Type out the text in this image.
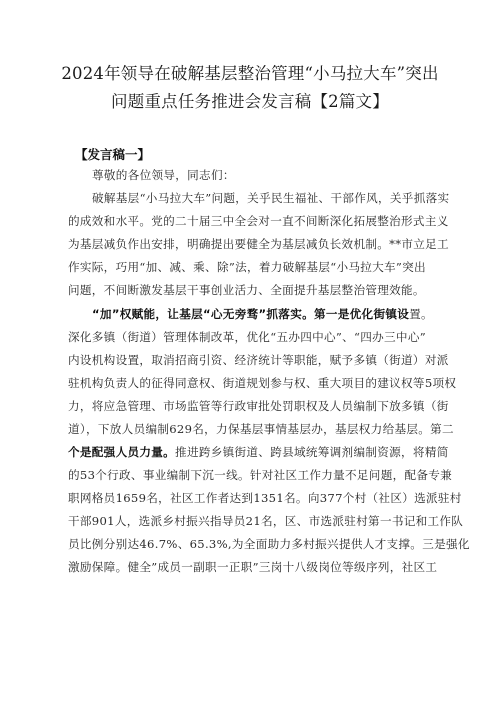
2024年领导在破解基层整治管理“小马拉大车”突出
问题重点任务推进会发言稿【2篇文】
【发言稿一】
尊敬的各位领导，同志们：
破解基层“小马拉大车”问题，关乎民生福祉、干部作风，关乎抓落实
的成效和水平。党的二十届三中全会对一直不间断深化拓展整治形式主义
为基层减负作出安排，明确提出要健全为基层减负长效机制。**市立足工
作实际，巧用“加、减、乘、除”法，着力破解基层“小马拉大车”突出
问题，不间断激发基层干事创业活力、全面提升基层整治管理效能。
“加”权赋能，让基层“心无旁骛”抓落实。第一是优化街镇设置。
深化多镇（街道）管理体制改革，优化“五办四中心”、“四办三中心”
内设机构设置，取消招商引资、经济统计等职能，赋予多镇（街道）对派
驻机构负责人的征得同意权、街道规划参与权、重大项目的建议权等5项权
力，将应急管理、市场监管等行政审批处罚职权及人员编制下放多镇（街
道），下放人员编制629名，力保基层事情基层办，基层权力给基层。第二
个是配强人员力量。推进跨乡镇街道、跨县域统筹调剂编制资源，将精简
的53个行政、事业编制下沉一线。针对社区工作力量不足问题，配备专兼
职网格员1659名，社区工作者达到1351名。向377个村（社区）选派驻村
干部901人，选派乡村振兴指导员21名，区、市选派驻村第一书记和工作队
员比例分别达46.7%、65.3%,为全面助力多村振兴提供人才支撑。三是强化
激励保障。健全”成员一副职一正职”三岗十八级岗位等级序列，社区工
